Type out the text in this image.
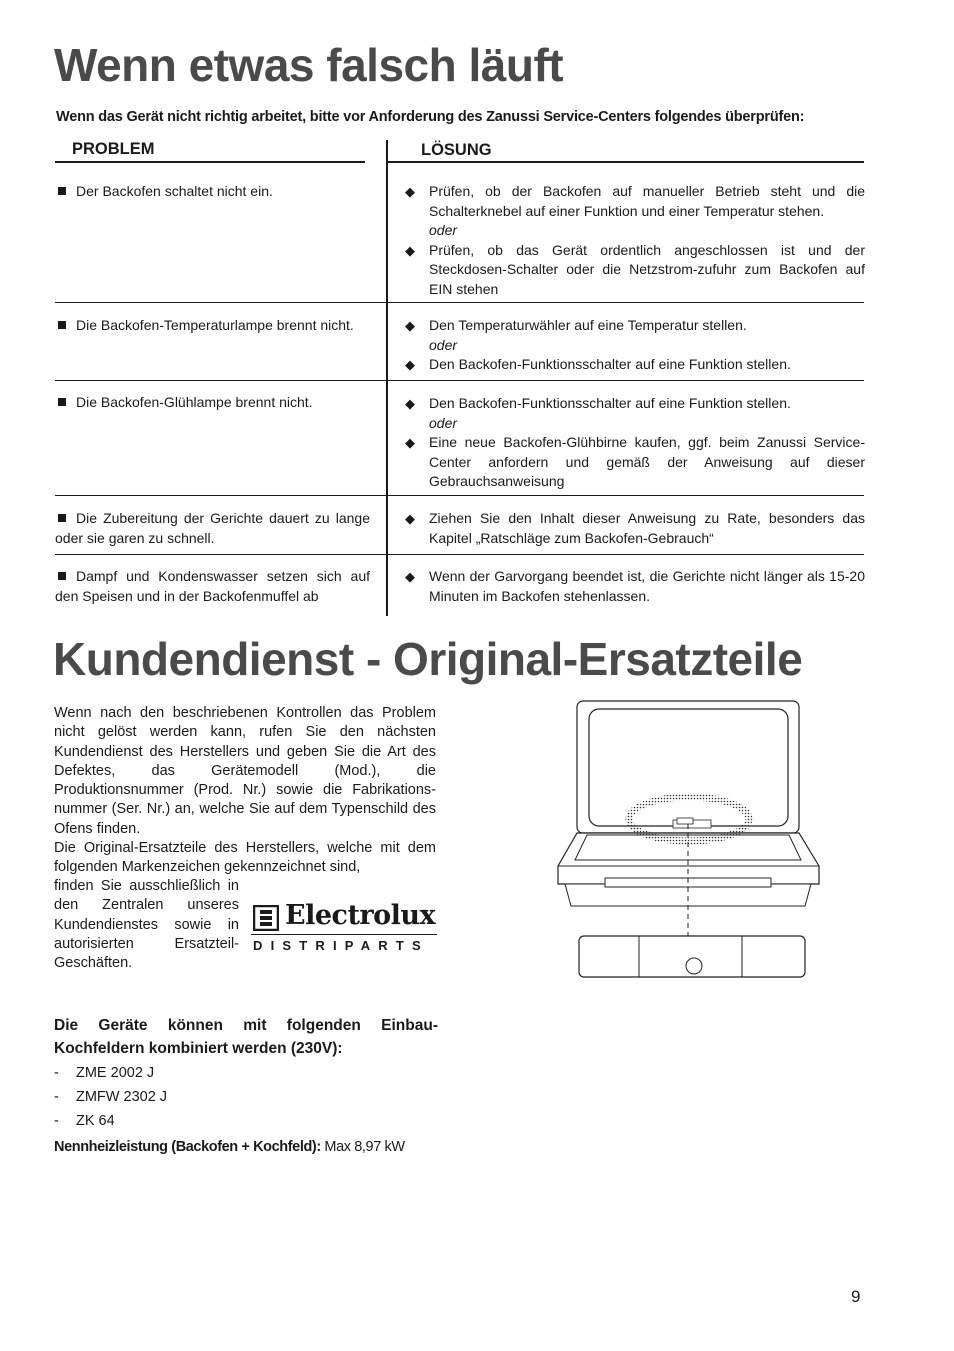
Wenn etwas falsch läuft
Wenn das Gerät nicht richtig arbeitet, bitte vor Anforderung des Zanussi Service-Centers folgendes überprüfen:
PROBLEM	LÖSUNG
Der Backofen schaltet nicht ein.	◆ Prüfen, ob der Backofen auf manueller Betrieb steht und die Schalterknebel auf einer Funktion und einer Temperatur stehen.
oder
◆ Prüfen, ob das Gerät ordentlich angeschlossen ist und der Steckdosen-Schalter oder die Netzstrom-zufuhr zum Backofen auf EIN stehen
Die Backofen-Temperaturlampe brennt nicht.	◆ Den Temperaturwähler auf eine Temperatur stellen.
oder
◆ Den Backofen-Funktionsschalter auf eine Funktion stellen.
Die Backofen-Glühlampe brennt nicht.	◆ Den Backofen-Funktionsschalter auf eine Funktion stellen.
oder
◆ Eine neue Backofen-Glühbirne kaufen, ggf. beim Zanussi Service-Center anfordern und gemäß der Anweisung auf dieser Gebrauchsanweisung
Die Zubereitung der Gerichte dauert zu lange oder sie garen zu schnell.
◆ Ziehen Sie den Inhalt dieser Anweisung zu Rate, besonders das Kapitel „Ratschläge zum Backofen-Gebrauch“
Dampf und Kondenswasser setzen sich auf den Speisen und in der Backofenmuffel ab
◆ Wenn der Garvorgang beendet ist, die Gerichte nicht länger als 15-20 Minuten im Backofen stehenlassen.
Kundendienst - Original-Ersatzteile
Wenn nach den beschriebenen Kontrollen das Problem nicht gelöst werden kann, rufen Sie den nächsten Kundendienst des Herstellers und geben Sie die Art des Defektes, das Gerätemodell (Mod.), die Produktionsnummer (Prod. Nr.) sowie die Fabrikations-nummer (Ser. Nr.) an, welche Sie auf dem Typenschild des Ofens finden.
Die Original-Ersatzteile des Herstellers, welche mit dem folgenden Markenzeichen gekennzeichnet sind,
finden Sie ausschließlich in den Zentralen unseres Kundendienstes sowie in autorisierten Ersatzteil-Geschäften.
Electrolux
DISTRIPARTS
Die Geräte können mit folgenden Einbau-Kochfeldern kombiniert werden (230V):
- ZME 2002 J
- ZMFW 2302 J
- ZK 64
Nennheizleistung (Backofen + Kochfeld): Max 8,97 kW
9
